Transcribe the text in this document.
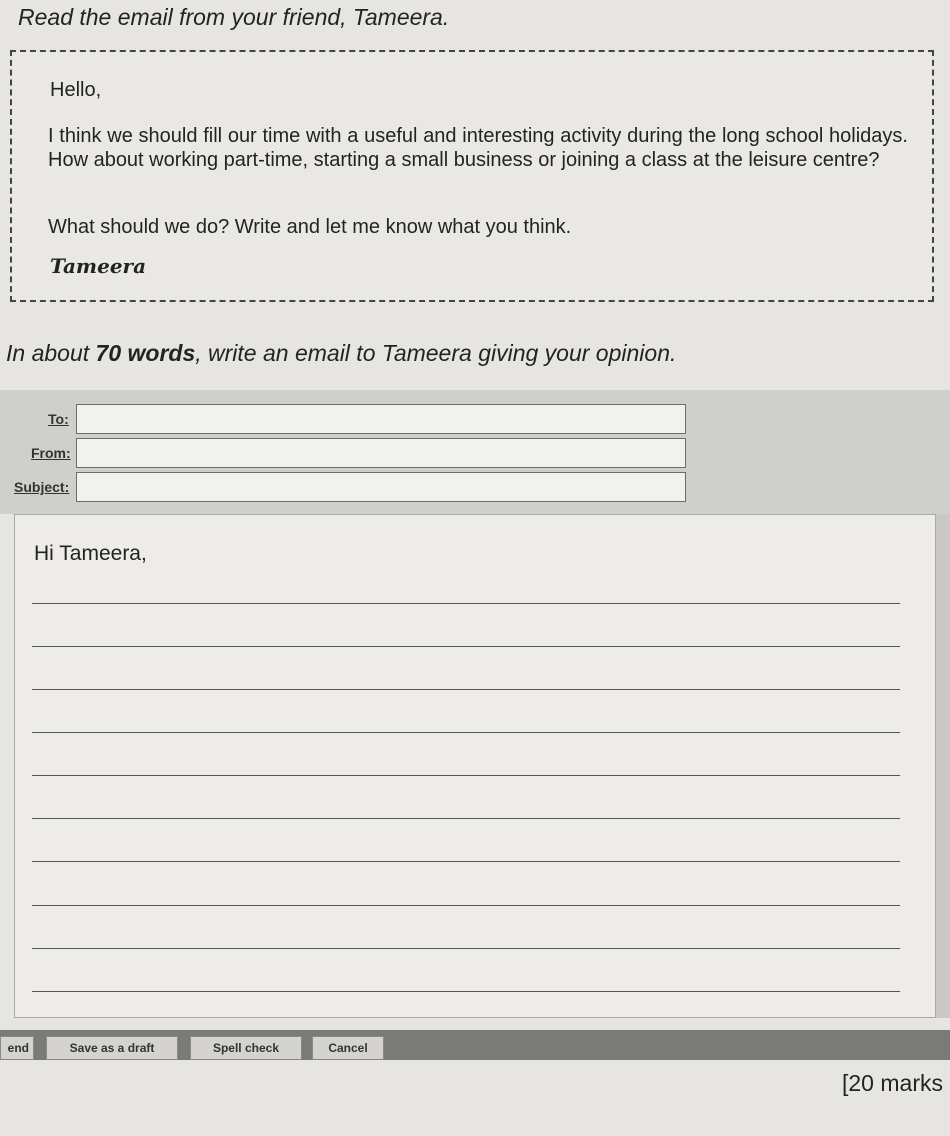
Read the email from your friend, Tameera.
Hello,
I think we should fill our time with a useful and interesting activity during the long school holidays. How about working part-time, starting a small business or joining a class at the leisure centre?
What should we do? Write and let me know what you think.
Tameera
In about 70 words, write an email to Tameera giving your opinion.
To:
From:
Subject:
Hi Tameera,
end	Save as a draft	Spell check	Cancel
[20 marks
